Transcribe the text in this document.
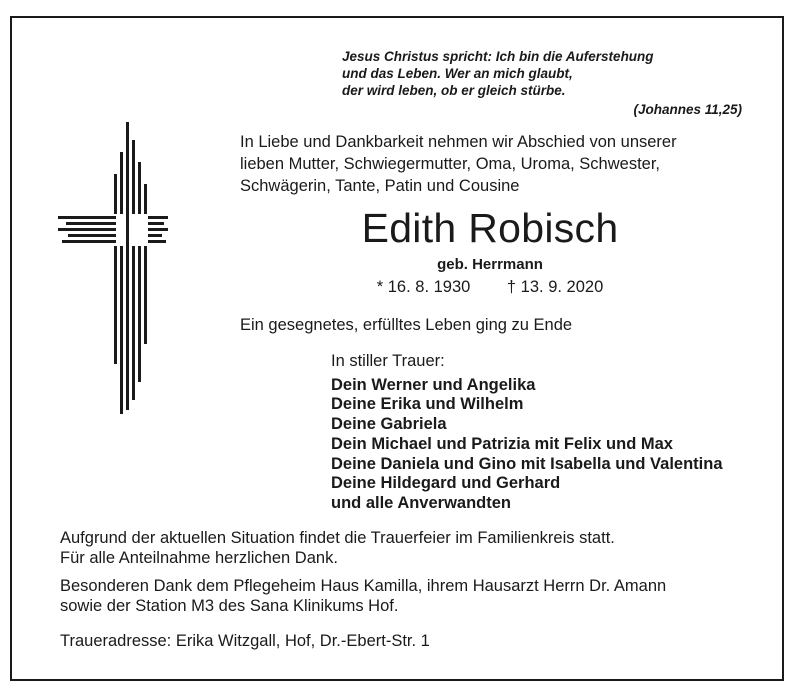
Jesus Christus spricht: Ich bin die Auferstehung
und das Leben. Wer an mich glaubt,
der wird leben, ob er gleich stürbe.
(Johannes 11,25)
In Liebe und Dankbarkeit nehmen wir Abschied von unserer
lieben Mutter, Schwiegermutter, Oma, Uroma, Schwester,
Schwägerin, Tante, Patin und Cousine
Edith Robisch
geb. Herrmann
* 16. 8. 1930 † 13. 9. 2020
Ein gesegnetes, erfülltes Leben ging zu Ende
In stiller Trauer:
Dein Werner und Angelika
Deine Erika und Wilhelm
Deine Gabriela
Dein Michael und Patrizia mit Felix und Max
Deine Daniela und Gino mit Isabella und Valentina
Deine Hildegard und Gerhard
und alle Anverwandten
Aufgrund der aktuellen Situation findet die Trauerfeier im Familienkreis statt.
Für alle Anteilnahme herzlichen Dank.
Besonderen Dank dem Pflegeheim Haus Kamilla, ihrem Hausarzt Herrn Dr. Amann
sowie der Station M3 des Sana Klinikums Hof.
Traueradresse: Erika Witzgall, Hof, Dr.-Ebert-Str. 1
